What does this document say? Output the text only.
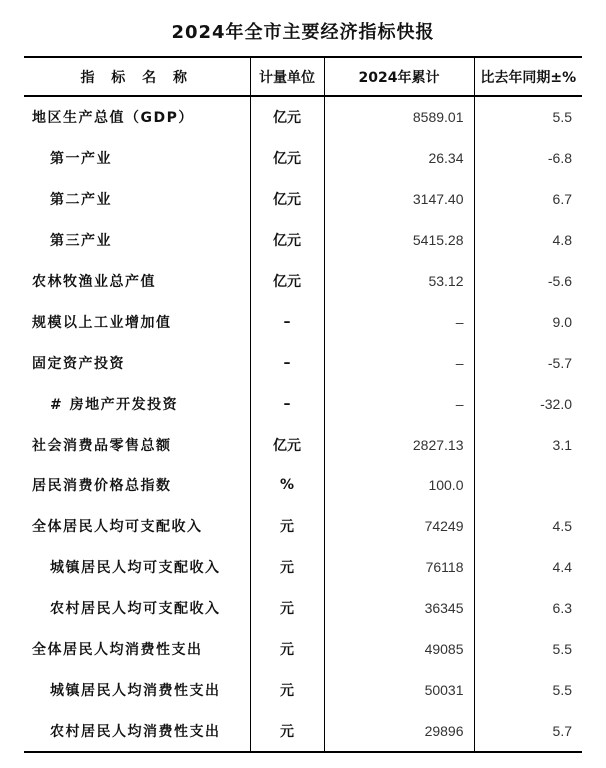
2024年全市主要经济指标快报
指 标 名 称	计量单位	2024年累计	比去年同期±%
地区生产总值（GDP）	亿元	8589.01	5.5
第一产业	亿元	26.34	-6.8
第二产业	亿元	3147.40	6.7
第三产业	亿元	5415.28	4.8
农林牧渔业总产值	亿元	53.12	-5.6
规模以上工业增加值	–	–	9.0
固定资产投资	–	–	-5.7
# 房地产开发投资	–	–	-32.0
社会消费品零售总额	亿元	2827.13	3.1
居民消费价格总指数	%	100.0	
全体居民人均可支配收入	元	74249	4.5
城镇居民人均可支配收入	元	76118	4.4
农村居民人均可支配收入	元	36345	6.3
全体居民人均消费性支出	元	49085	5.5
城镇居民人均消费性支出	元	50031	5.5
农村居民人均消费性支出	元	29896	5.7
